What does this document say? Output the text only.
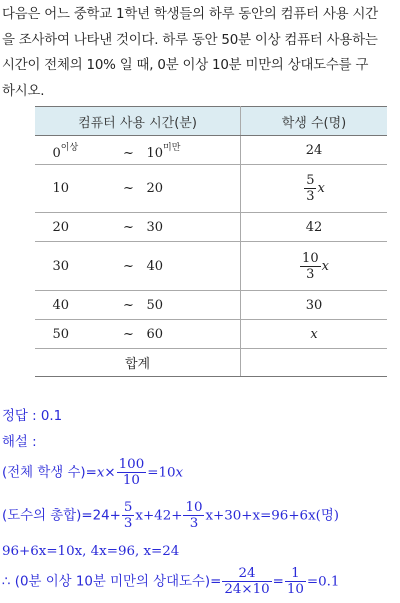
다음은 어느 중학교 1학년 학생들의 하루 동안의 컴퓨터 사용 시간
을 조사하여 나타낸 것이다. 하루 동안 50분 이상 컴퓨터 사용하는
시간이 전체의 10% 일 때, 0분 이상 10분 미만의 상대도수를 구
하시오.
컴퓨터 사용 시간(분)	학생 수(명)
$0^{이상}$ ~ $10^{미만}$	24
10 ~ 20	$\frac{5}{3}$ x
20 ~ 30	42
30 ~ 40	$\frac{10}{3}$ x
40 ~ 50	30
50 ~ 60	x
합계	
정답 : 0.1
해설 :
(전체 학생 수)$=x\times \frac{100}{10} =10x$
(도수의 총합)$=24+ \frac{5}{3} x+42+ \frac{10}{3} x+30+x=96+6x$(명)
96+6x=10x, 4x=96, x=24
∴ (0분 이상 10분 미만의 상대도수)= $\frac{24}{24\times 10} = \frac{1}{10} =0.1$
